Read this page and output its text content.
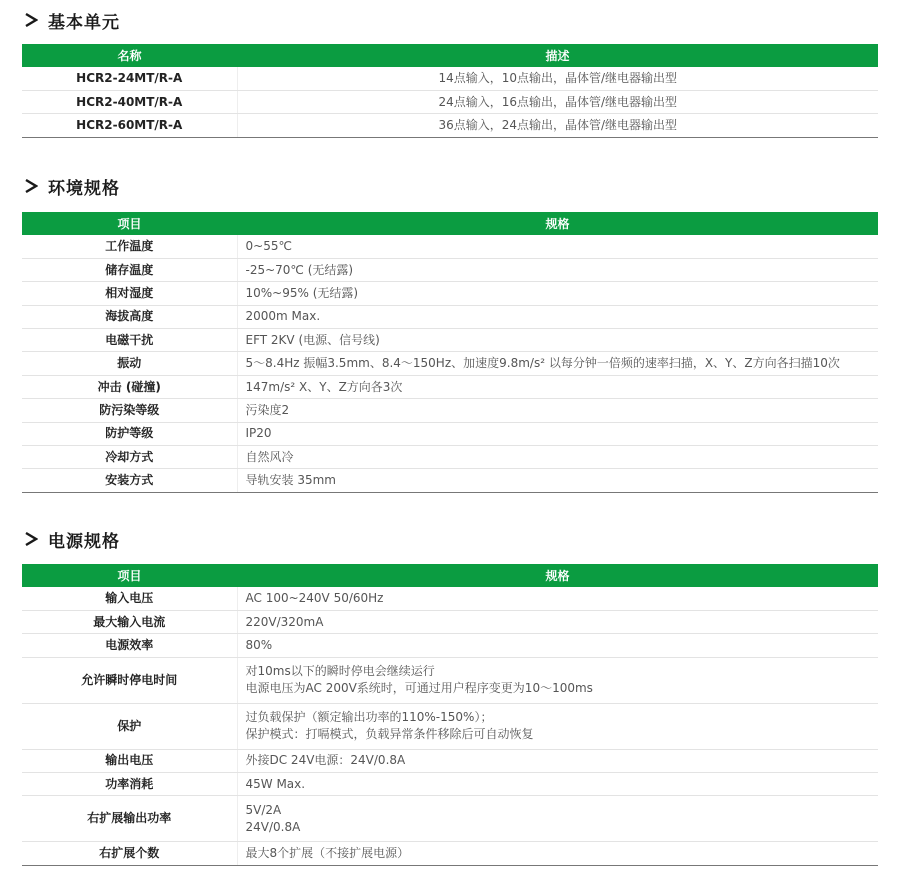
基本单元
名称	描述
HCR2-24MT/R-A	14点输入，10点输出，晶体管/继电器输出型

HCR2-40MT/R-A	24点输入，16点输出，晶体管/继电器输出型

HCR2-60MT/R-A	36点输入，24点输出，晶体管/继电器输出型
环境规格
项目	规格
工作温度	0~55℃

储存温度	-25~70℃ (无结露)

相对湿度	10%~95% (无结露)

海拔高度	2000m Max.

电磁干扰	EFT 2KV (电源、信号线)

振动	5～8.4Hz 振幅3.5mm、8.4～150Hz、加速度9.8m/s² 以每分钟一倍频的速率扫描，X、Y、Z方向各扫描10次

冲击 (碰撞)	147m/s² X、Y、Z方向各3次

防污染等级	污染度2

防护等级	IP20

冷却方式	自然风冷

安装方式	导轨安装 35mm
电源规格
项目	规格
输入电压	AC 100~240V 50/60Hz

最大输入电流	220V/320mA

电源效率	80%

允许瞬时停电时间	对10ms以下的瞬时停电会继续运行
电源电压为AC 200V系统时，可通过用户程序变更为10～100ms

保护	过负载保护（额定输出功率的110%-150%）；
保护模式：打嗝模式，负载异常条件移除后可自动恢复

输出电压	外接DC 24V电源：24V/0.8A

功率消耗	45W Max.

右扩展输出功率	5V/2A
24V/0.8A

右扩展个数	最大8个扩展（不接扩展电源）
